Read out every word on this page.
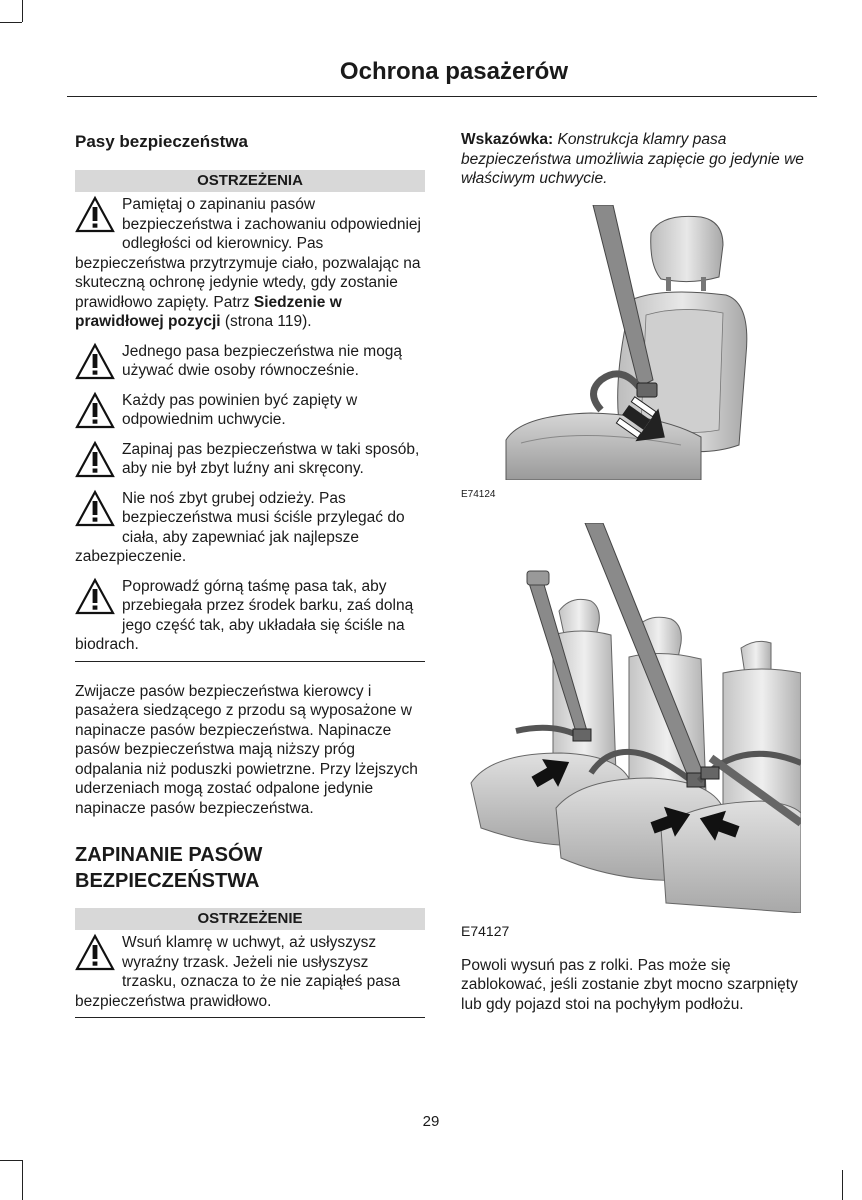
Ochrona pasażerów
Pasy bezpieczeństwa
OSTRZEŻENIA

Pamiętaj o zapinaniu pasów bezpieczeństwa i zachowaniu odpowiedniej odległości od kierownicy. Pas bezpieczeństwa przytrzymuje ciało, pozwalając na skuteczną ochronę jedynie wtedy, gdy zostanie prawidłowo zapięty. Patrz Siedzenie w prawidłowej pozycji (strona 119).

Jednego pasa bezpieczeństwa nie mogą używać dwie osoby równocześnie.

Każdy pas powinien być zapięty w odpowiednim uchwycie.

Zapinaj pas bezpieczeństwa w taki sposób, aby nie był zbyt luźny ani skręcony.

Nie noś zbyt grubej odzieży. Pas bezpieczeństwa musi ściśle przylegać do ciała, aby zapewniać jak najlepsze zabezpieczenie.

Poprowadź górną taśmę pasa tak, aby przebiegała przez środek barku, zaś dolną jego część tak, aby układała się ściśle na biodrach.

Zwijacze pasów bezpieczeństwa kierowcy i pasażera siedzącego z przodu są wyposażone w napinacze pasów bezpieczeństwa. Napinacze pasów bezpieczeństwa mają niższy próg odpalania niż poduszki powietrzne. Przy lżejszych uderzeniach mogą zostać odpalone jedynie napinacze pasów bezpieczeństwa.

ZAPINANIE PASÓW BEZPIECZEŃSTWA
OSTRZEŻENIE

Wsuń klamrę w uchwyt, aż usłyszysz wyraźny trzask. Jeżeli nie usłyszysz trzasku, oznacza to że nie zapiąłeś pasa bezpieczeństwa prawidłowo.

Wskazówka: Konstrukcja klamry pasa bezpieczeństwa umożliwia zapięcie go jedynie we właściwym uchwycie.

E74124
E74127

Powoli wysuń pas z rolki. Pas może się zablokować, jeśli zostanie zbyt mocno szarpnięty lub gdy pojazd stoi na pochyłym podłożu.

29
